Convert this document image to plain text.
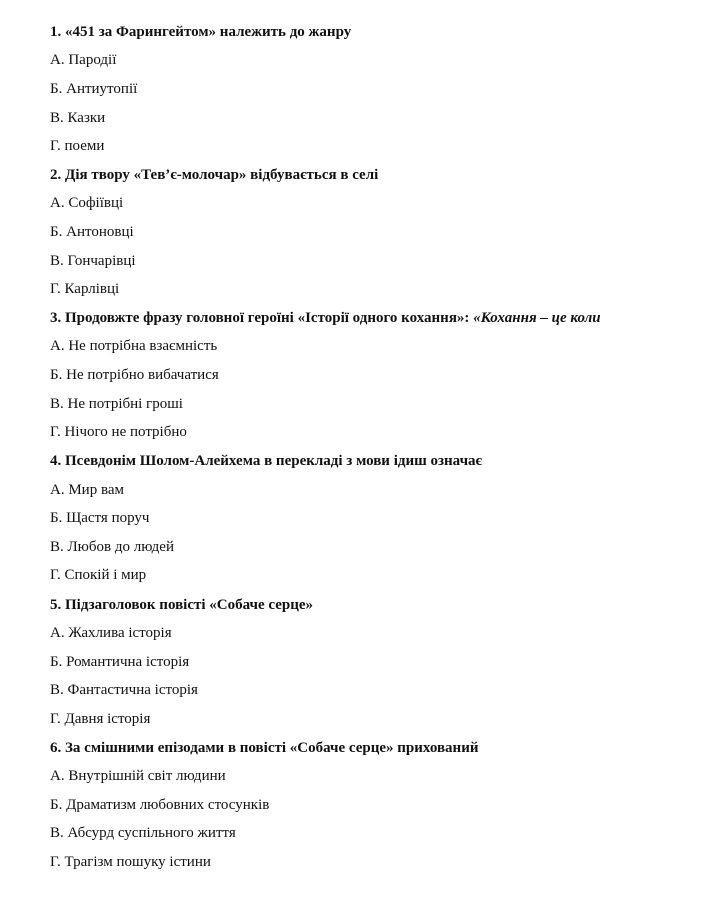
1. «451 за Фарингейтом» належить до жанру
А. Пародії
Б. Антиутопії
В. Казки
Г. поеми
2. Дія твору «Тев’є-молочар» відбувається в селі
А. Софіївці
Б. Антоновці
В. Гончарівці
Г. Карлівці
3. Продовжте фразу головної героїні «Історії одного кохання»: «Кохання – це коли
А. Не потрібна взаємність
Б. Не потрібно вибачатися
В. Не потрібні гроші
Г. Нічого не потрібно
4. Псевдонім Шолом-Алейхема в перекладі з мови ідиш означає
А. Мир вам
Б. Щастя поруч
В. Любов до людей
Г. Спокій і мир
5. Підзаголовок повісті «Собаче серце»
А. Жахлива історія
Б. Романтична історія
В. Фантастична історія
Г. Давня історія
6. За смішними епізодами в повісті «Собаче серце» прихований
А. Внутрішній світ людини
Б. Драматизм любовних стосунків
В. Абсурд суспільного життя
Г. Трагізм пошуку істини
